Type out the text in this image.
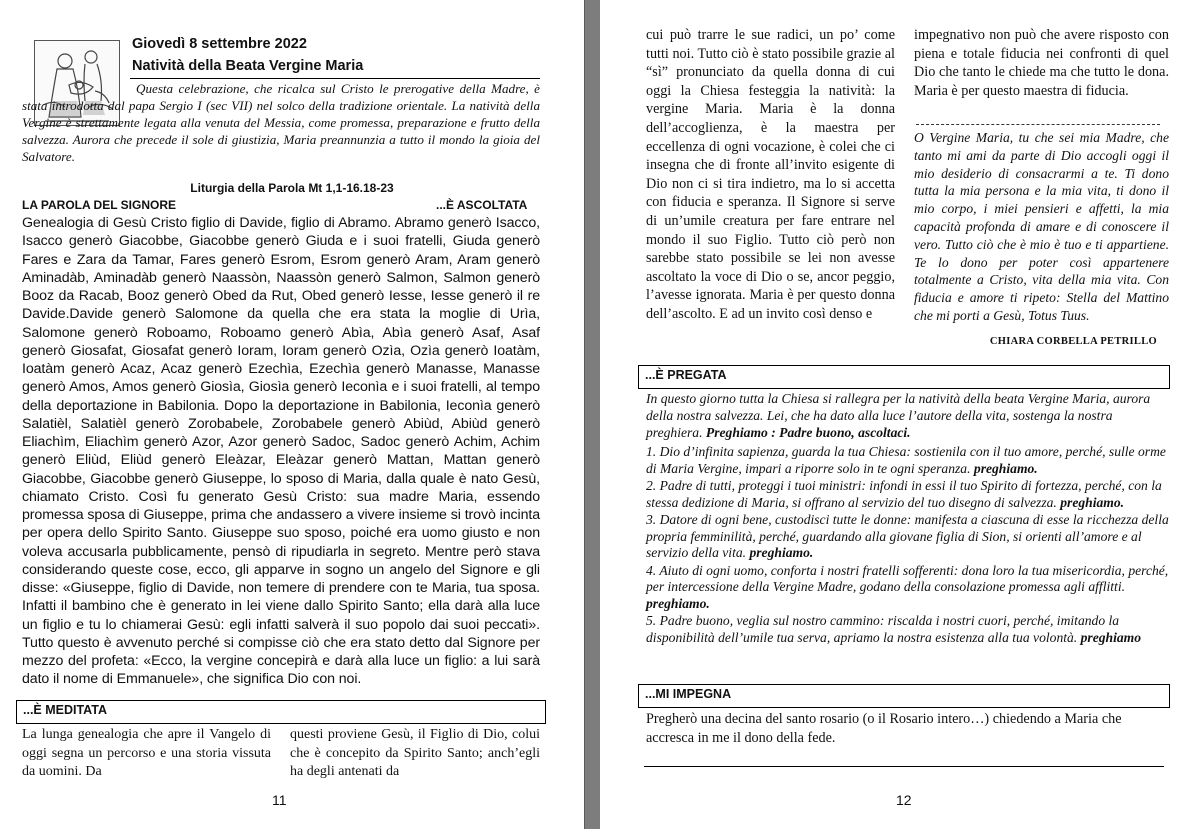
Giovedì 8 settembre 2022
Natività della Beata Vergine Maria
Questa celebrazione, che ricalca sul Cristo le prerogative della Madre, è stata introdotta dal papa Sergio I (sec VII) nel solco della tradizione orientale. La natività della Vergine è strettamente legata alla venuta del Messia, come promessa, preparazione e frutto della salvezza. Aurora che precede il sole di giustizia, Maria preannunzia a tutto il mondo la gioia del Salvatore.
Liturgia della Parola Mt 1,1-16.18-23
LA PAROLA DEL SIGNORE	...È ASCOLTATA
Genealogia di Gesù Cristo figlio di Davide, figlio di Abramo. Abramo generò Isacco, Isacco generò Giacobbe, Giacobbe generò Giuda e i suoi fratelli, Giuda generò Fares e Zara da Tamar, Fares generò Esrom, Esrom generò Aram, Aram generò Aminadàb, Aminadàb generò Naassòn, Naassòn generò Salmon, Salmon generò Booz da Racab, Booz generò Obed da Rut, Obed generò Iesse, Iesse generò il re Davide.Davide generò Salomone da quella che era stata la moglie di Urìa, Salomone generò Roboamo, Roboamo generò Abìa, Abìa generò Asaf, Asaf generò Giosafat, Giosafat generò Ioram, Ioram generò Ozìa, Ozìa generò Ioatàm, Ioatàm generò Acaz, Acaz generò Ezechìa, Ezechìa generò Manasse, Manasse generò Amos, Amos generò Giosìa, Giosìa generò Ieconìa e i suoi fratelli, al tempo della deportazione in Babilonia. Dopo la deportazione in Babilonia, Ieconìa generò Salatièl, Salatièl generò Zorobabele, Zorobabele generò Abiùd, Abiùd generò Eliachìm, Eliachìm generò Azor, Azor generò Sadoc, Sadoc generò Achim, Achim generò Eliùd, Eliùd generò Eleàzar, Eleàzar generò Mattan, Mattan generò Giacobbe, Giacobbe generò Giuseppe, lo sposo di Maria, dalla quale è nato Gesù, chiamato Cristo. Così fu generato Gesù Cristo: sua madre Maria, essendo promessa sposa di Giuseppe, prima che andassero a vivere insieme si trovò incinta per opera dello Spirito Santo. Giuseppe suo sposo, poiché era uomo giusto e non voleva accusarla pubblicamente, pensò di ripudiarla in segreto. Mentre però stava considerando queste cose, ecco, gli apparve in sogno un angelo del Signore e gli disse: «Giuseppe, figlio di Davide, non temere di prendere con te Maria, tua sposa. Infatti il bambino che è generato in lei viene dallo Spirito Santo; ella darà alla luce un figlio e tu lo chiamerai Gesù: egli infatti salverà il suo popolo dai suoi peccati». Tutto questo è avvenuto perché si compisse ciò che era stato detto dal Signore per mezzo del profeta: «Ecco, la vergine concepirà e darà alla luce un figlio: a lui sarà dato il nome di Emmanuele», che significa Dio con noi.
...È MEDITATA
La lunga genealogia che apre il Vangelo di oggi segna un percorso e una storia vissuta da uomini. Da
questi proviene Gesù, il Figlio di Dio, colui che è concepito da Spirito Santo; anch’egli ha degli antenati da
11
cui può trarre le sue radici, un po’ come tutti noi. Tutto ciò è stato possibile grazie al “sì” pronunciato da quella donna di cui oggi la Chiesa festeggia la natività: la vergine Maria. Maria è la donna dell’accoglienza, è la maestra per eccellenza di ogni vocazione, è colei che ci insegna che di fronte all’invito esigente di Dio non ci si tira indietro, ma lo si accetta con fiducia e speranza. Il Signore si serve di un’umile creatura per fare entrare nel mondo il suo Figlio. Tutto ciò però non sarebbe stato possibile se lei non avesse ascoltato la voce di Dio o se, ancor peggio, l’avesse ignorata. Maria è per questo donna dell’ascolto. E ad un invito così denso e
impegnativo non può che avere risposto con piena e totale fiducia nei confronti di quel Dio che tanto le chiede ma che tutto le dona. Maria è per questo maestra di fiducia.
O Vergine Maria, tu che sei mia Madre, che tanto mi ami da parte di Dio accogli oggi il mio desiderio di consacrarmi a te. Ti dono tutta la mia persona e la mia vita, ti dono il mio corpo, i miei pensieri e affetti, la mia capacità profonda di amare e di conoscere il vero. Tutto ciò che è mio è tuo e ti appartiene. Te lo dono per poter così appartenere totalmente a Cristo, vita della mia vita. Con fiducia e amore ti ripeto: Stella del Mattino che mi porti a Gesù, Totus Tuus.
CHIARA CORBELLA PETRILLO
...È PREGATA
In questo giorno tutta la Chiesa si rallegra per la natività della beata Vergine Maria, aurora della nostra salvezza. Lei, che ha dato alla luce l’autore della vita, sostenga la nostra preghiera. Preghiamo : Padre buono, ascoltaci.

1. Dio d’infinita sapienza, guarda la tua Chiesa: sostienila con il tuo amore, perché, sulle orme di Maria Vergine, impari a riporre solo in te ogni speranza. preghiamo.

2. Padre di tutti, proteggi i tuoi ministri: infondi in essi il tuo Spirito di fortezza, perché, con la stessa dedizione di Maria, si offrano al servizio del tuo disegno di salvezza. preghiamo.

3. Datore di ogni bene, custodisci tutte le donne: manifesta a ciascuna di esse la ricchezza della propria femminilità, perché, guardando alla giovane figlia di Sion, si orienti all’amore e al servizio della vita. preghiamo.

4. Aiuto di ogni uomo, conforta i nostri fratelli sofferenti: dona loro la tua misericordia, perché, per intercessione della Vergine Madre, godano della consolazione promessa agli afflitti. preghiamo.

5. Padre buono, veglia sul nostro cammino: riscalda i nostri cuori, perché, imitando la disponibilità dell’umile tua serva, apriamo la nostra esistenza alla tua volontà. preghiamo

...MI IMPEGNA
Pregherò una decina del santo rosario (o il Rosario intero…) chiedendo a Maria che accresca in me il dono della fede.
12
